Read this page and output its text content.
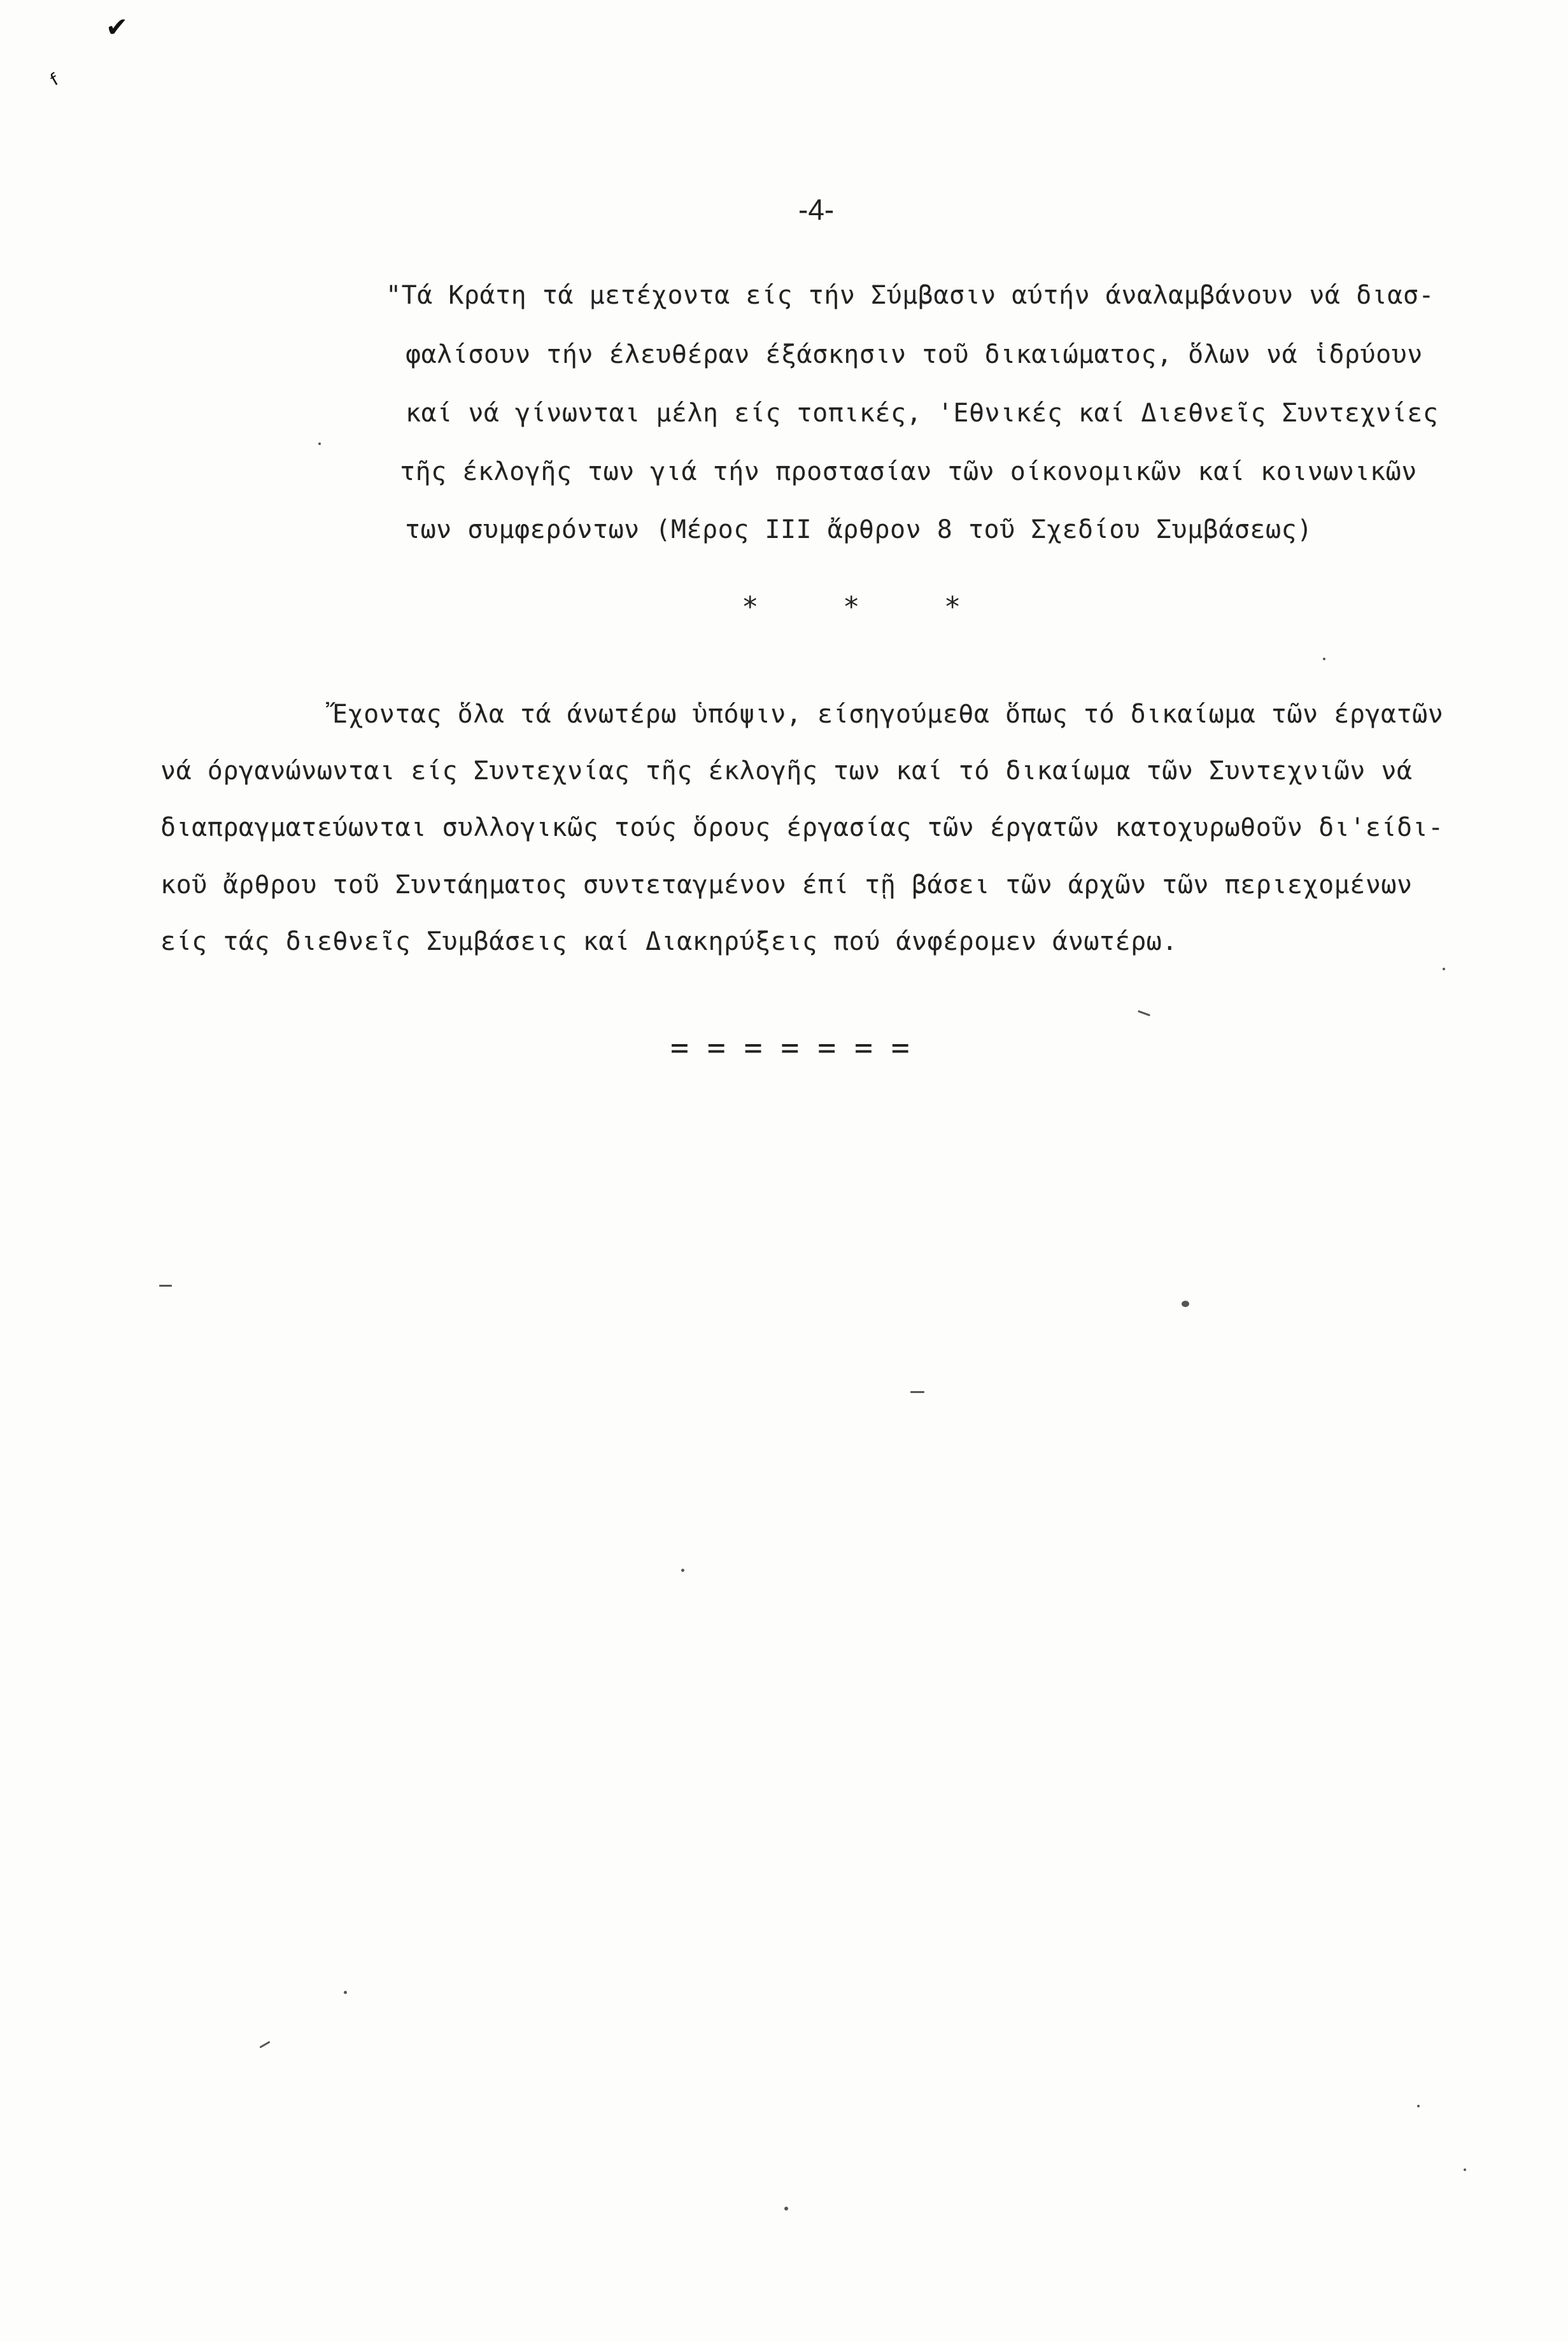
✔
ᶠ
-4-
"Τά Κράτη τά μετέχοντα είς τήν Σύμβασιν αύτήν άναλαμβάνουν νά διασ-
φαλίσουν τήν έλευθέραν έξάσκησιν τοῦ δικαιώματος, ὅλων νά ἱδρύουν
καί νά γίνωνται μέλη είς τοπικές, 'Εθνικές καί Διεθνεῖς Συντεχνίες
τῆς έκλογῆς των γιά τήν προστασίαν τῶν οίκονομικῶν καί κοινωνικῶν
των συμφερόντων (Μέρος ΙΙΙ ἄρθρον 8 τοῦ Σχεδίου Συμβάσεως)
*     *     *
Ἔχοντας ὅλα τά άνωτέρω ὑπόψιν, είσηγούμεθα ὅπως τό δικαίωμα τῶν έργατῶν
νά όργανώνωνται είς Συντεχνίας τῆς έκλογῆς των καί τό δικαίωμα τῶν Συντεχνιῶν νά
διαπραγματεύωνται συλλογικῶς τούς ὅρους έργασίας τῶν έργατῶν κατοχυρωθοῦν δι'είδι-
κοῦ ἄρθρου τοῦ Συντάηματος συντεταγμένον έπί τῇ βάσει τῶν άρχῶν τῶν περιεχομένων
είς τάς διεθνεῖς Συμβάσεις καί Διακηρύξεις πού άνφέρομεν άνωτέρω.
= = = = = = =
